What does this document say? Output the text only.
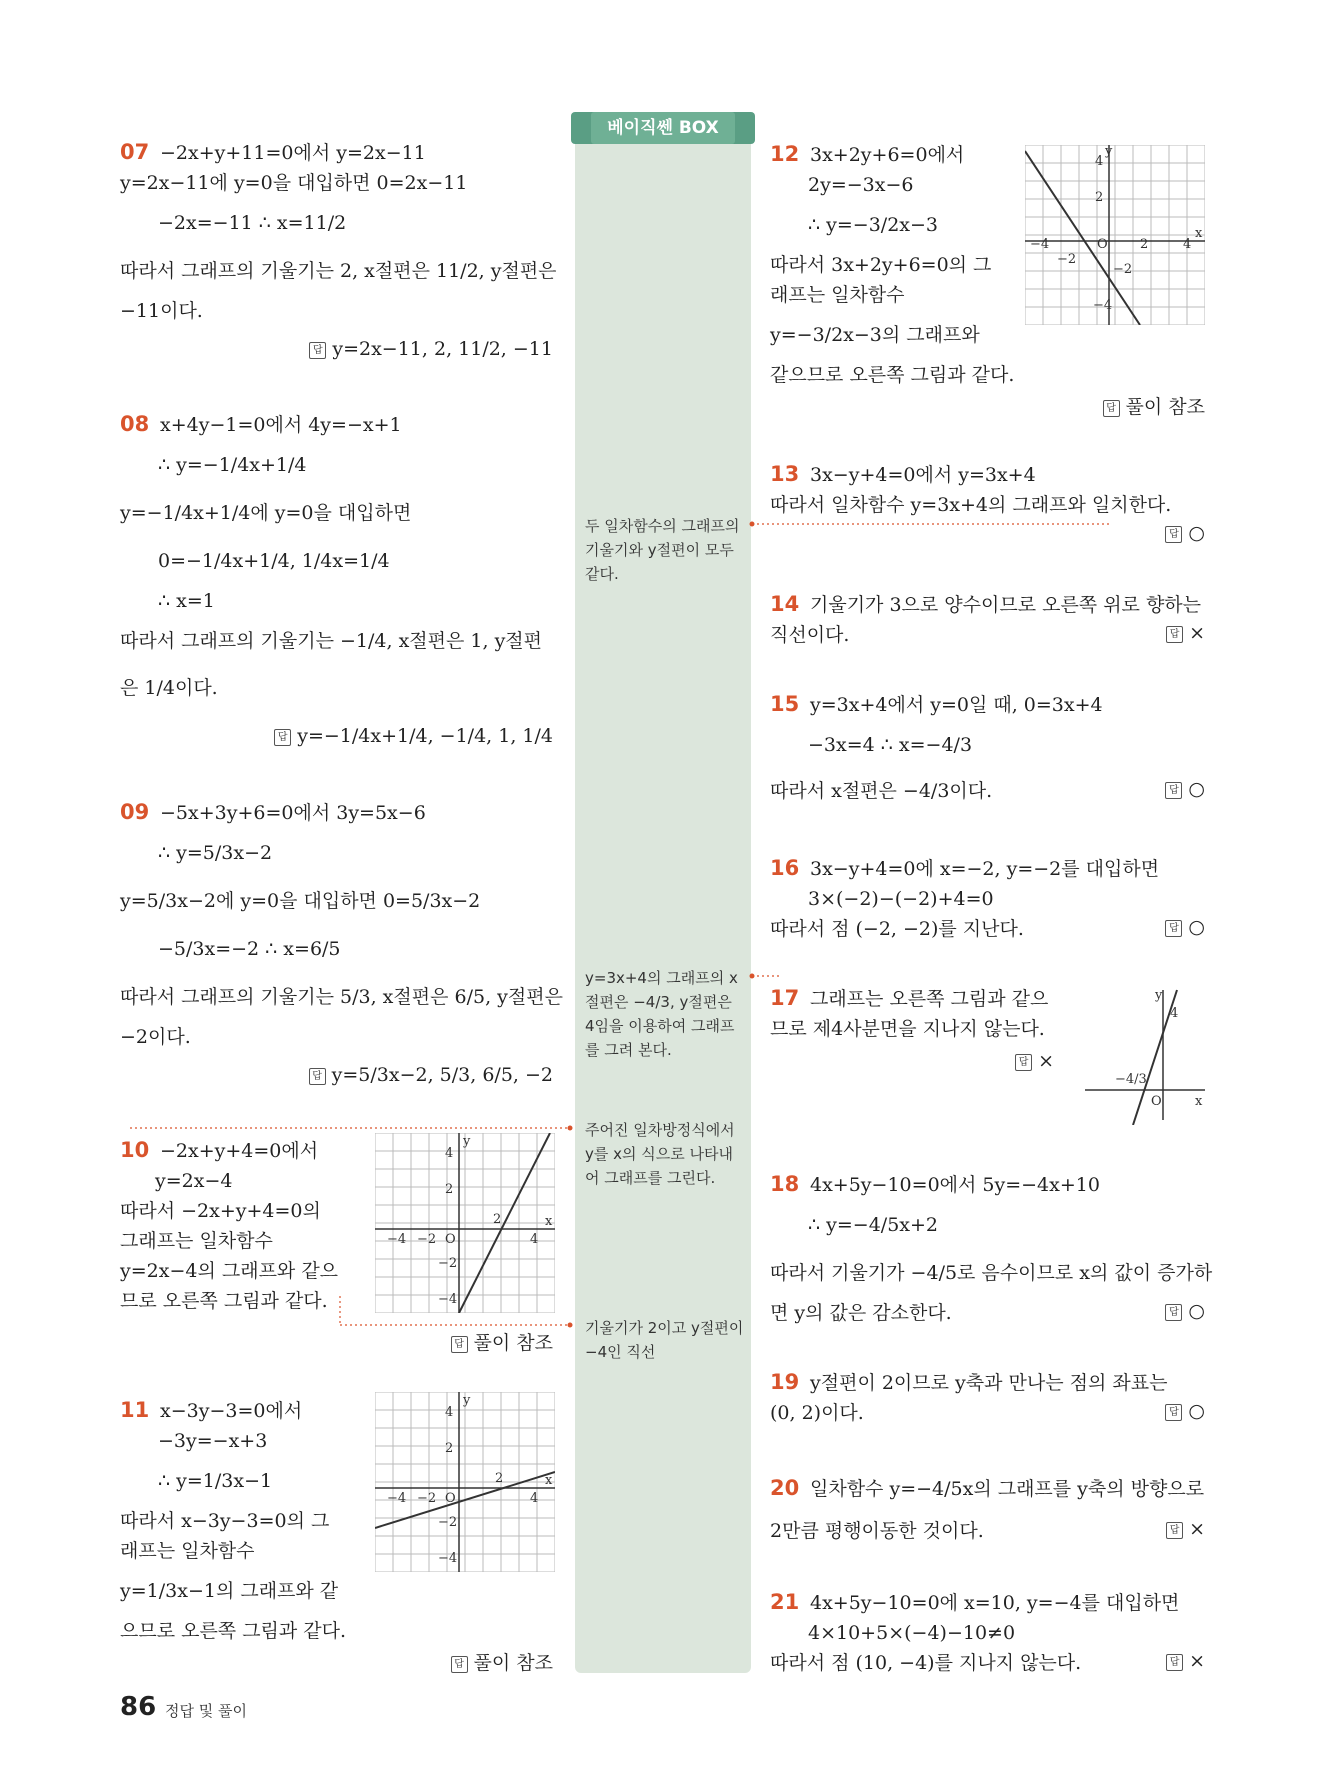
베이직쎈 BOX
두 일차함수의 그래프의 기울기와 y절편이 모두 같다.
y=3x+4의 그래프의 x절편은 −4/3, y절편은 4임을 이용하여 그래프를 그려 본다.
주어진 일차방정식에서 y를 x의 식으로 나타내어 그래프를 그린다.
기울기가 2이고 y절편이 −4인 직선
07 −2x+y+11=0에서 y=2x−11
y=2x−11에 y=0을 대입하면 0=2x−11
−2x=−11 ∴ x=11/2
따라서 그래프의 기울기는 2, x절편은 11/2, y절편은
−11이다.
답 y=2x−11, 2, 11/2, −11
08 x+4y−1=0에서 4y=−x+1
∴ y=−1/4x+1/4
y=−1/4x+1/4에 y=0을 대입하면
0=−1/4x+1/4, 1/4x=1/4
∴ x=1
따라서 그래프의 기울기는 −1/4, x절편은 1, y절편
은 1/4이다.
답 y=−1/4x+1/4, −1/4, 1, 1/4
09 −5x+3y+6=0에서 3y=5x−6
∴ y=5/3x−2
y=5/3x−2에 y=0을 대입하면 0=5/3x−2
−5/3x=−2 ∴ x=6/5
따라서 그래프의 기울기는 5/3, x절편은 6/5, y절편은
−2이다.
답 y=5/3x−2, 5/3, 6/5, −2
10 −2x+y+4=0에서
y=2x−4
따라서 −2x+y+4=0의
그래프는 일차함수
y=2x−4의 그래프와 같으
므로 오른쪽 그림과 같다.
답 풀이 참조
11 x−3y−3=0에서
−3y=−x+3
∴ y=1/3x−1
따라서 x−3y−3=0의 그
래프는 일차함수
y=1/3x−1의 그래프와 같
으므로 오른쪽 그림과 같다.
답 풀이 참조
y
x
O
−4 −2
2
4
4
2
−2
−4
y
x
O
−4 −2
2
4
4
2
−2
−4
12 3x+2y+6=0에서
2y=−3x−6
∴ y=−3/2x−3
따라서 3x+2y+6=0의 그
래프는 일차함수
y=−3/2x−3의 그래프와
같으므로 오른쪽 그림과 같다.
답 풀이 참조
y
x
O
−4
−2
2	4
4
2
−2
−4
13 3x−y+4=0에서 y=3x+4
따라서 일차함수 y=3x+4의 그래프와 일치한다.
답 ○
14 기울기가 3으로 양수이므로 오른쪽 위로 향하는
직선이다.	답 ×
15 y=3x+4에서 y=0일 때, 0=3x+4
−3x=4 ∴ x=−4/3
따라서 x절편은 −4/3이다.	답 ○
16 3x−y+4=0에 x=−2, y=−2를 대입하면
3×(−2)−(−2)+4=0
따라서 점 (−2, −2)를 지난다.	답 ○
17 그래프는 오른쪽 그림과 같으
므로 제4사분면을 지나지 않는다.
답 ×
y
x
O
4
−4/3
18 4x+5y−10=0에서 5y=−4x+10
∴ y=−4/5x+2
따라서 기울기가 −4/5로 음수이므로 x의 값이 증가하
면 y의 값은 감소한다.	답 ○
19 y절편이 2이므로 y축과 만나는 점의 좌표는
(0, 2)이다.	답 ○
20 일차함수 y=−4/5x의 그래프를 y축의 방향으로
2만큼 평행이동한 것이다.	답 ×
21 4x+5y−10=0에 x=10, y=−4를 대입하면
4×10+5×(−4)−10≠0
따라서 점 (10, −4)를 지나지 않는다.	답 ×
86 정답 및 풀이
